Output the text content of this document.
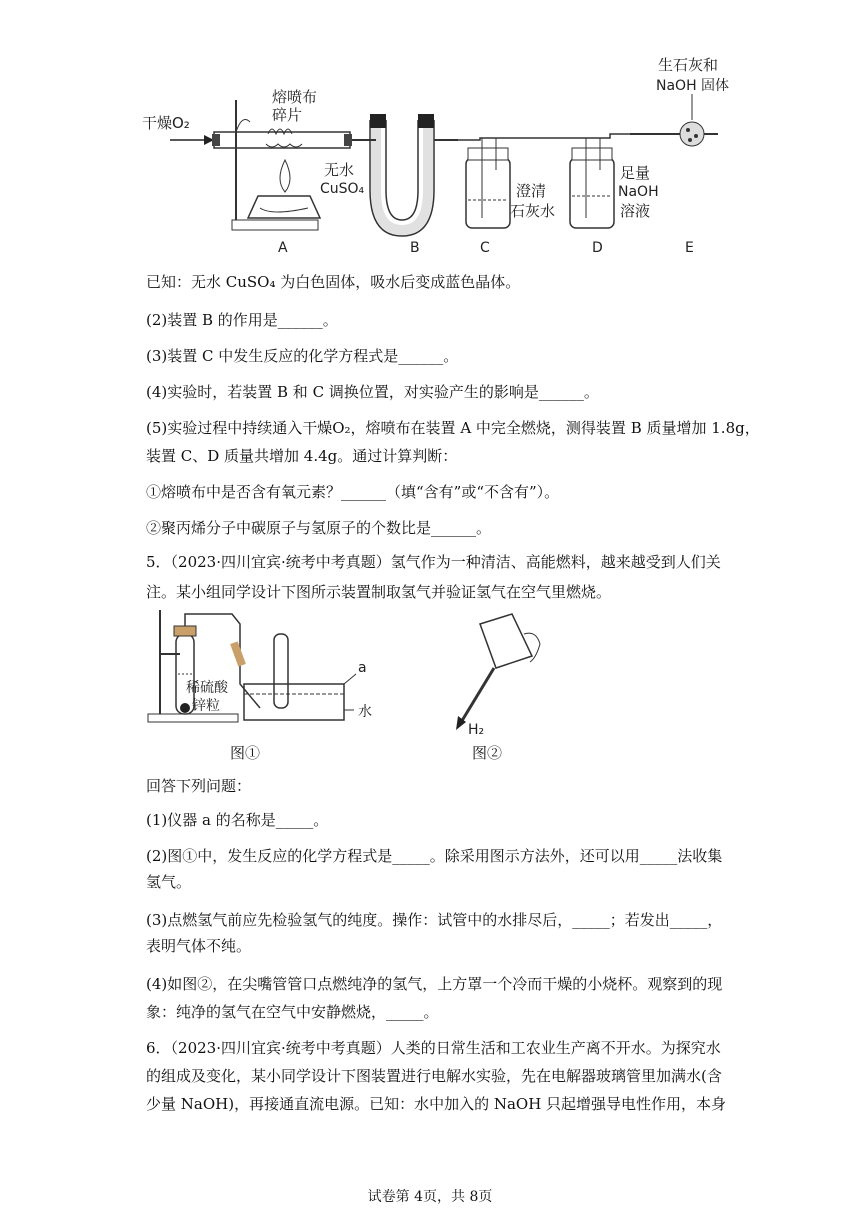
干燥O₂
熔喷布
碎片
无水
CuSO₄	澄清
石灰水
足量
NaOH
溶液
生石灰和
NaOH 固体
A	B	C	D	E
已知：无水 CuSO₄ 为白色固体，吸水后变成蓝色晶体。
(2)装置 B 的作用是______。
(3)装置 C 中发生反应的化学方程式是______。
(4)实验时，若装置 B 和 C 调换位置，对实验产生的影响是______。
(5)实验过程中持续通入干燥O₂，熔喷布在装置 A 中完全燃烧，测得装置 B 质量增加 1.8g，
装置 C、D 质量共增加 4.4g。通过计算判断：
①熔喷布中是否含有氧元素？______（填“含有”或“不含有”）。
②聚丙烯分子中碳原子与氢原子的个数比是______。
5．（2023·四川宜宾·统考中考真题）氢气作为一种清洁、高能燃料，越来越受到人们关
注。某小组同学设计下图所示装置制取氢气并验证氢气在空气里燃烧。
稀硫酸
锌粒
a
水
H₂
图①	图②
回答下列问题：
(1)仪器 a 的名称是_____。
(2)图①中，发生反应的化学方程式是_____。除采用图示方法外，还可以用_____法收集
氢气。
(3)点燃氢气前应先检验氢气的纯度。操作：试管中的水排尽后，_____；若发出_____，
表明气体不纯。
(4)如图②，在尖嘴管管口点燃纯净的氢气，上方罩一个冷而干燥的小烧杯。观察到的现
象：纯净的氢气在空气中安静燃烧，_____。
6．（2023·四川宜宾·统考中考真题）人类的日常生活和工农业生产离不开水。为探究水
的组成及变化，某小同学设计下图装置进行电解水实验，先在电解器玻璃管里加满水(含
少量 NaOH)，再接通直流电源。已知：水中加入的 NaOH 只起增强导电性作用，本身
试卷第 4页，共 8页
